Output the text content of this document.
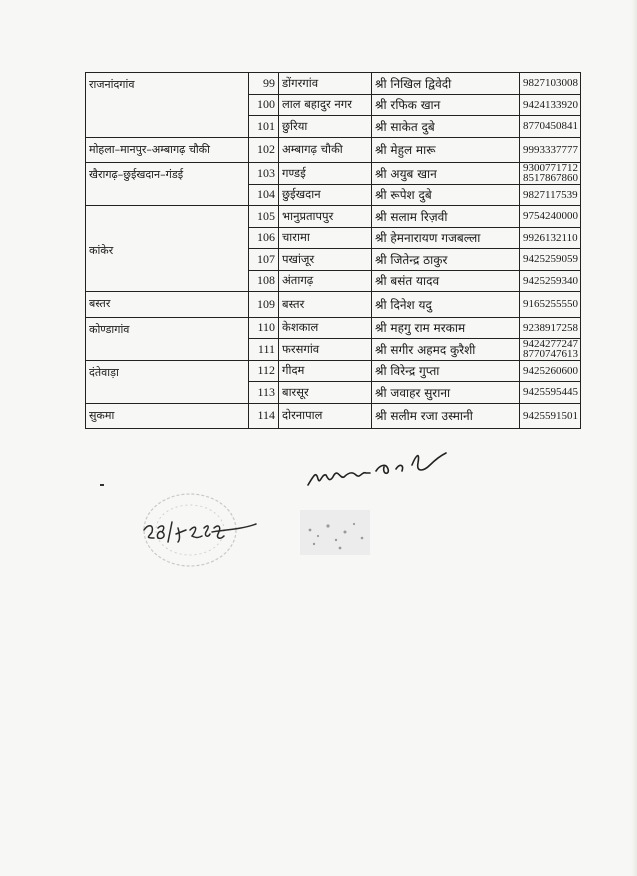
राजनांदगांव	99	डोंगरगांव	श्री निखिल द्विवेदी	9827103008
	100	लाल बहादुर नगर	श्री रफिक खान	9424133920
	101	छुरिया	श्री साकेत दुबे	8770450841
मोहला–मानपुर–अम्बागढ़ चौकी	102	अम्बागढ़ चौकी	श्री मेहुल मारू	9993337777
खैरागढ़–छुईखदान–गंडई	103	गण्डई	श्री अयुब खान	9300771712
8517867860

	104	छुईखदान	श्री रूपेश दुबे	9827117539
कांकेर	105	भानुप्रतापपुर	श्री सलाम रिज़वी	9754240000
	106	चारामा	श्री हेमनारायण गजबल्ला	9926132110
	107	पखांजूर	श्री जितेन्द्र ठाकुर	9425259059
	108	अंतागढ़	श्री बसंत यादव	9425259340
बस्तर	109	बस्तर	श्री दिनेश यदु	9165255550
कोण्डागांव	110	केशकाल	श्री महगु राम मरकाम	9238917258
	111	फरसगांव	श्री सगीर अहमद कुरैशी	9424277247
8770747613

दंतेवाड़ा	112	गीदम	श्री विरेन्द्र गुप्ता	9425260600
	113	बारसूर	श्री जवाहर सुराना	9425595445
सुकमा	114	दोरनापाल	श्री सलीम रजा उस्मानी	9425591501
